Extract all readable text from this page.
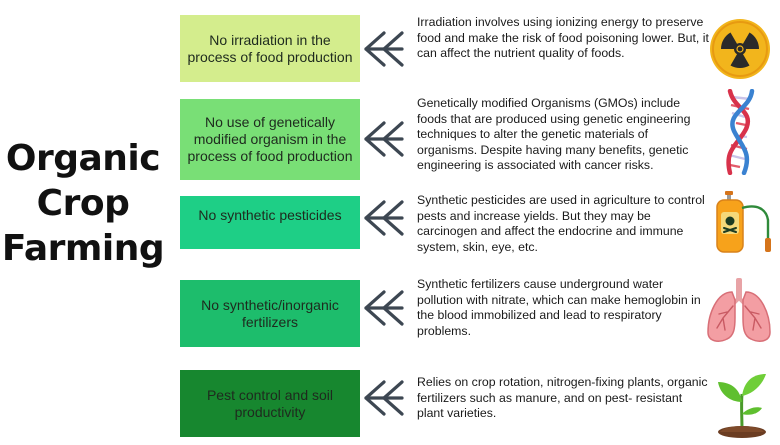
Organic
Crop
Farming
No irradiation in the process of food production
Irradiation involves using ionizing energy to preserve food and make the risk of food poisoning lower. But, it can affect the nutrient quality of foods.
No use of genetically modified organism in the process of food production
Genetically modified Organisms (GMOs) include foods that are produced using genetic engineering techniques to alter the genetic materials of organisms. Despite having many benefits, genetic engineering is associated with cancer risks.
No synthetic pesticides
Synthetic pesticides are used in agriculture to control pests and increase yields. But they may be carcinogen and affect the endocrine and immune system, skin, eye, etc.
No synthetic/inorganic fertilizers
Synthetic fertilizers cause underground water pollution with nitrate, which can make hemoglobin in the blood immobilized and lead to respiratory problems.
Pest control and soil productivity
Relies on crop rotation, nitrogen-fixing plants, organic fertilizers such as manure, and on pest- resistant plant varieties.
